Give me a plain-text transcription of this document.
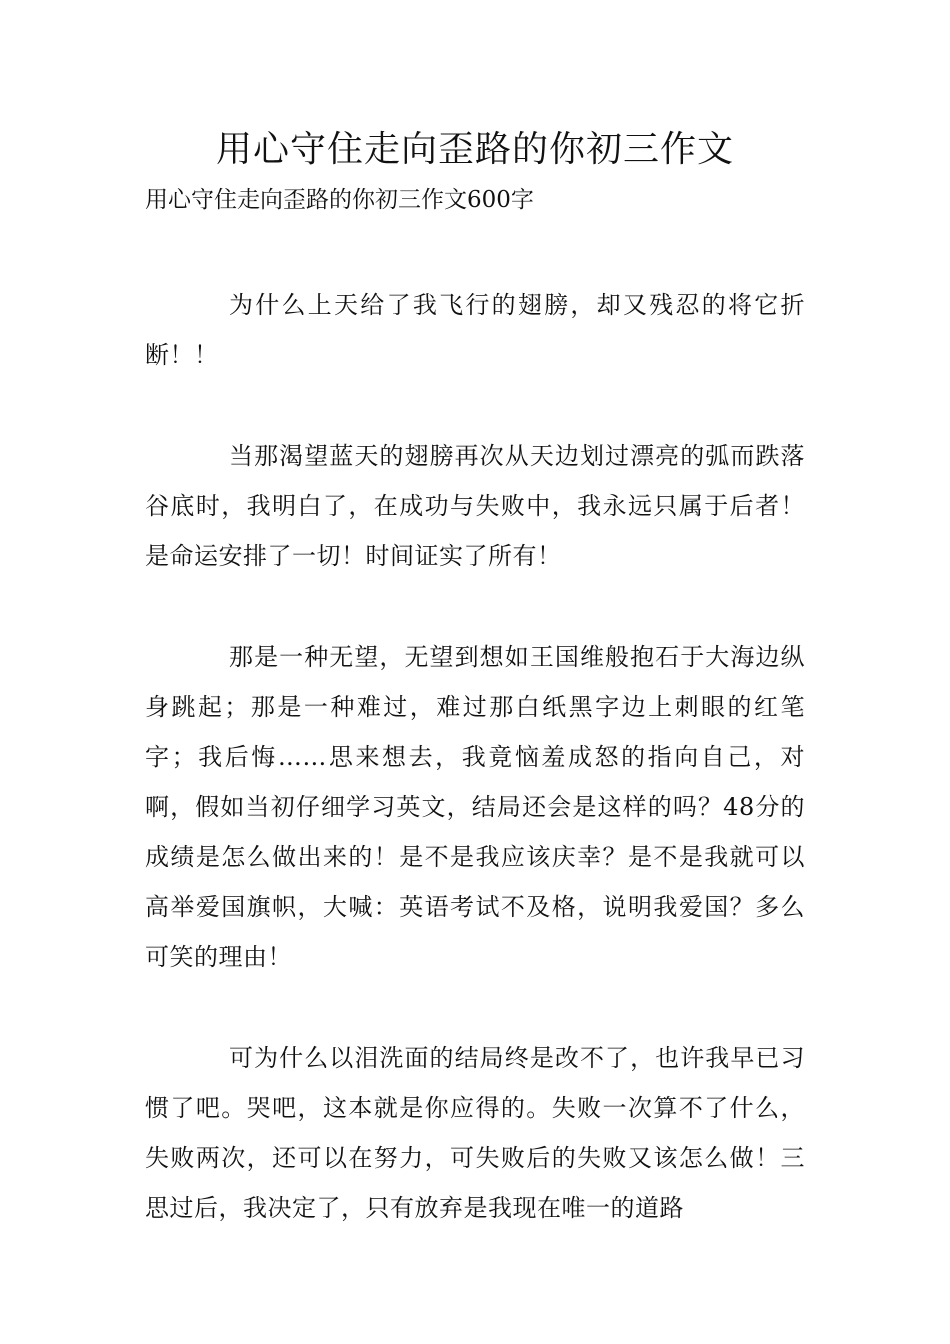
用心守住走向歪路的你初三作文

用心守住走向歪路的你初三作文600字

为什么上天给了我飞行的翅膀，却又残忍的将它折断！！

当那渴望蓝天的翅膀再次从天边划过漂亮的弧而跌落谷底时，我明白了，在成功与失败中，我永远只属于后者！是命运安排了一切！时间证实了所有！

那是一种无望，无望到想如王国维般抱石于大海边纵身跳起；那是一种难过，难过那白纸黑字边上刺眼的红笔字；我后悔……思来想去，我竟恼羞成怒的指向自己，对啊，假如当初仔细学习英文，结局还会是这样的吗？48分的成绩是怎么做出来的！是不是我应该庆幸？是不是我就可以高举爱国旗帜，大喊：英语考试不及格，说明我爱国？多么可笑的理由！

可为什么以泪洗面的结局终是改不了，也许我早已习惯了吧。哭吧，这本就是你应得的。失败一次算不了什么，失败两次，还可以在努力，可失败后的失败又该怎么做！三思过后，我决定了，只有放弃是我现在唯一的道路
